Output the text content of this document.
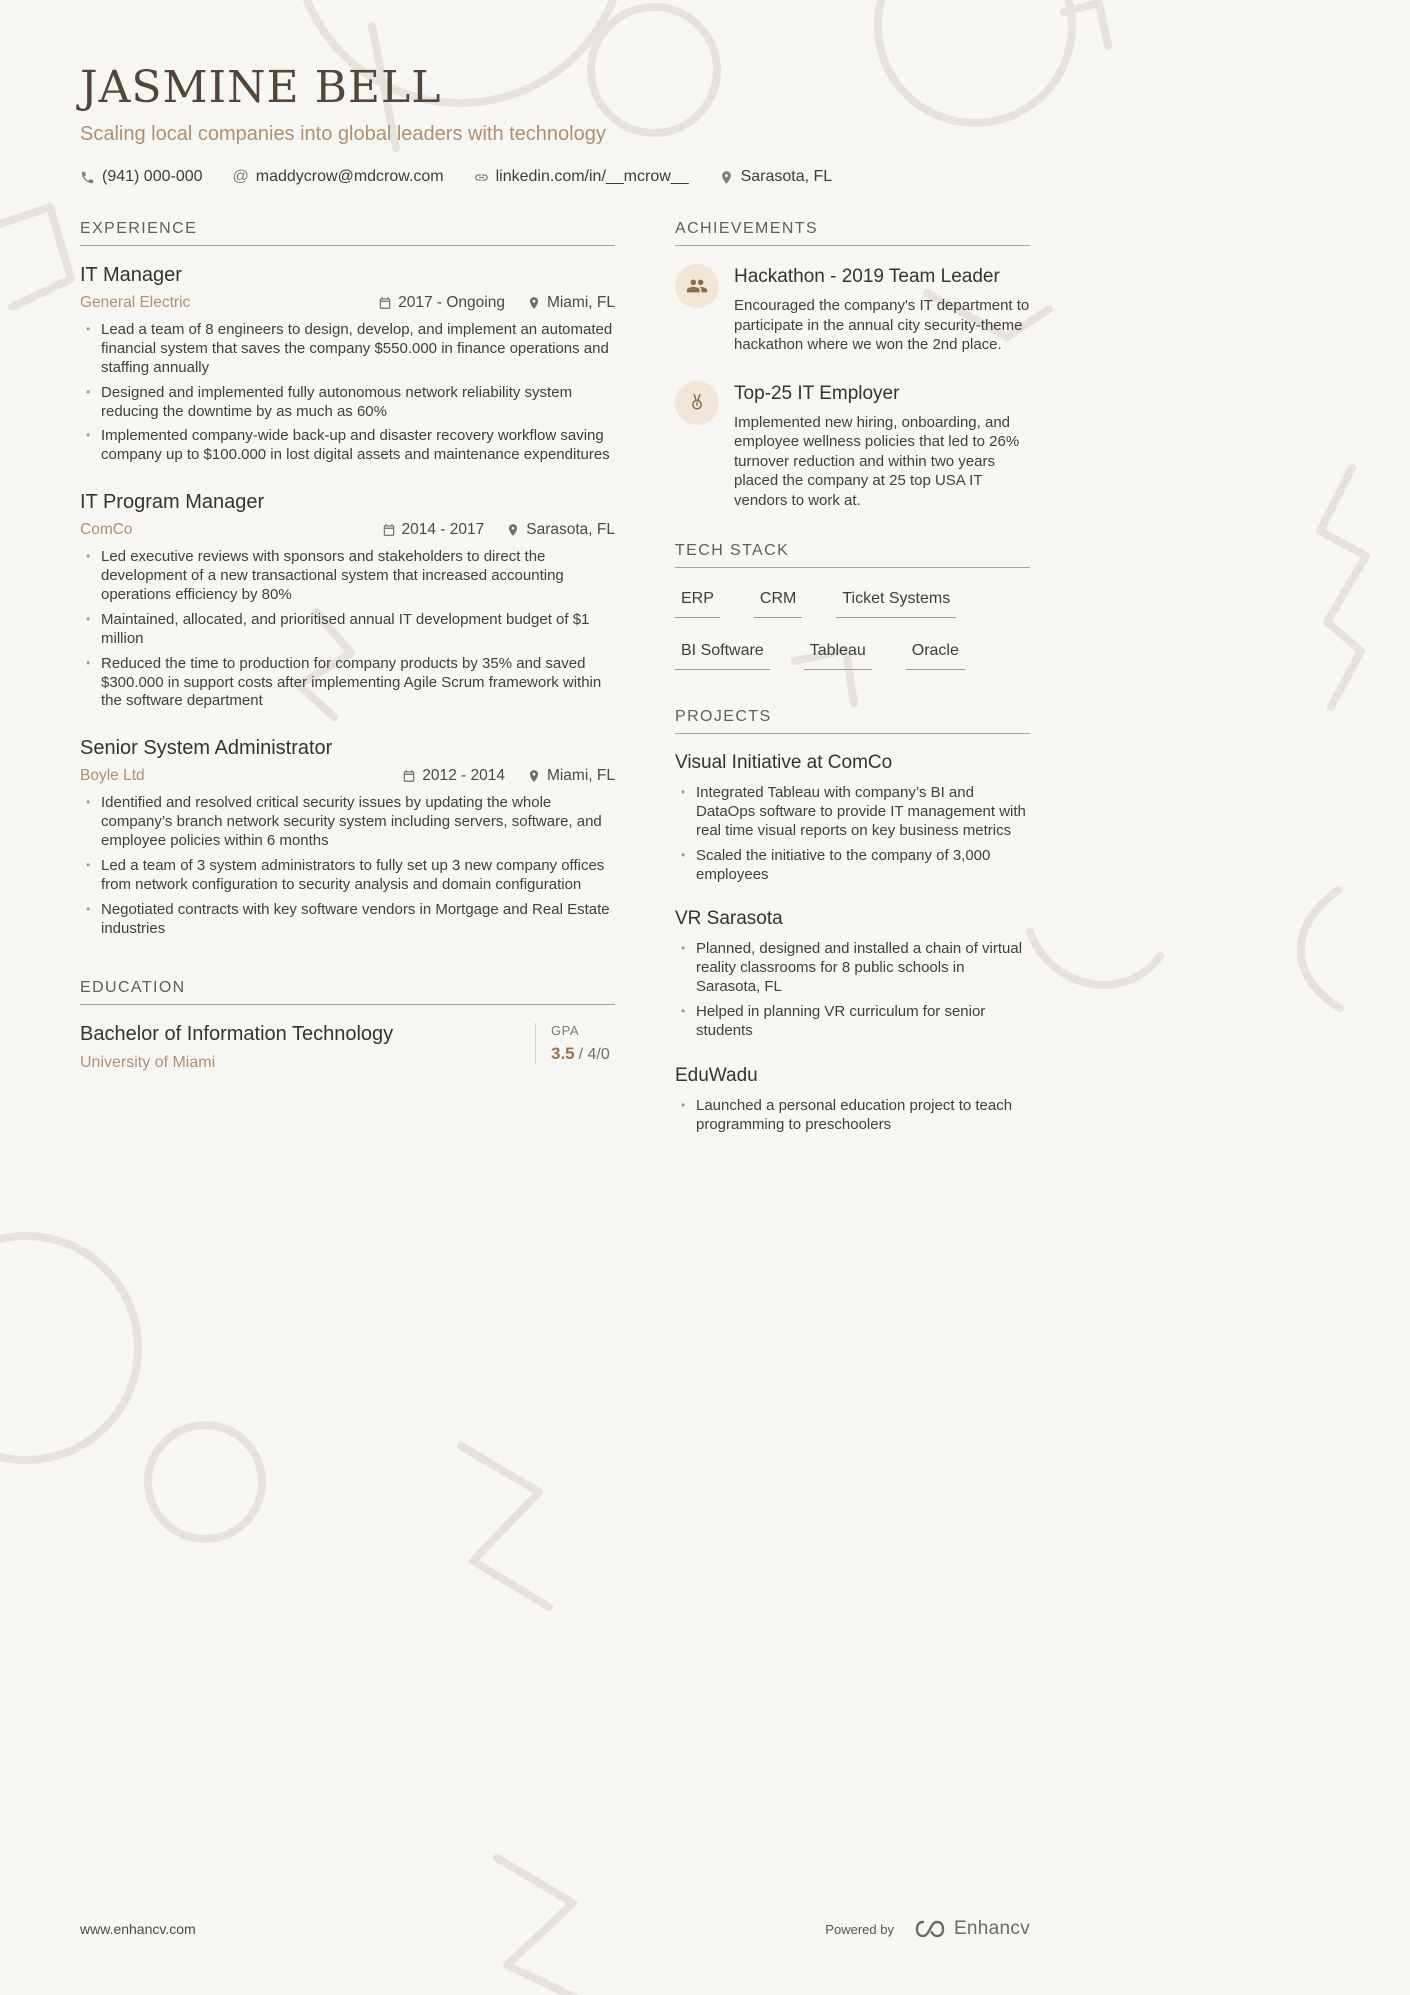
JASMINE BELL
Scaling local companies into global leaders with technology
(941) 000-000 @ maddycrow@mdcrow.com	linkedin.com/in/__mcrow__	Sarasota, FL
EXPERIENCE
IT Manager
General Electric	2017 - Ongoing	Miami, FL
• Lead a team of 8 engineers to design, develop, and implement an automated financial system that saves the company $550.000 in finance operations and staffing annually
• Designed and implemented fully autonomous network reliability system reducing the downtime by as much as 60%
• Implemented company-wide back-up and disaster recovery workflow saving company up to $100.000 in lost digital assets and maintenance expenditures
IT Program Manager
ComCo	2014 - 2017	Sarasota, FL
• Led executive reviews with sponsors and stakeholders to direct the development of a new transactional system that increased accounting operations efficiency by 80%
• Maintained, allocated, and prioritised annual IT development budget of $1 million
• Reduced the time to production for company products by 35% and saved $300.000 in support costs after implementing Agile Scrum framework within the software department
Senior System Administrator
Boyle Ltd	2012 - 2014	Miami, FL
• Identified and resolved critical security issues by updating the whole company’s branch network security system including servers, software, and employee policies within 6 months
• Led a team of 3 system administrators to fully set up 3 new company offices from network configuration to security analysis and domain configuration
• Negotiated contracts with key software vendors in Mortgage and Real Estate industries
EDUCATION
Bachelor of Information Technology
University of Miami
GPA
3.5 / 4/0
ACHIEVEMENTS
Hackathon - 2019 Team Leader
Encouraged the company's IT department to participate in the annual city security-theme hackathon where we won the 2nd place.
Top-25 IT Employer
Implemented new hiring, onboarding, and employee wellness policies that led to 26% turnover reduction and within two years placed the company at 25 top USA IT vendors to work at.
TECH STACK
ERP	CRM	Ticket Systems
BI Software	Tableau	Oracle
PROJECTS
Visual Initiative at ComCo
• Integrated Tableau with company’s BI and DataOps software to provide IT management with real time visual reports on key business metrics
• Scaled the initiative to the company of 3,000 employees
VR Sarasota
• Planned, designed and installed a chain of virtual reality classrooms for 8 public schools in Sarasota, FL
• Helped in planning VR curriculum for senior students
EduWadu
• Launched a personal education project to teach programming to preschoolers
www.enhancv.com	Powered by	Enhancv
